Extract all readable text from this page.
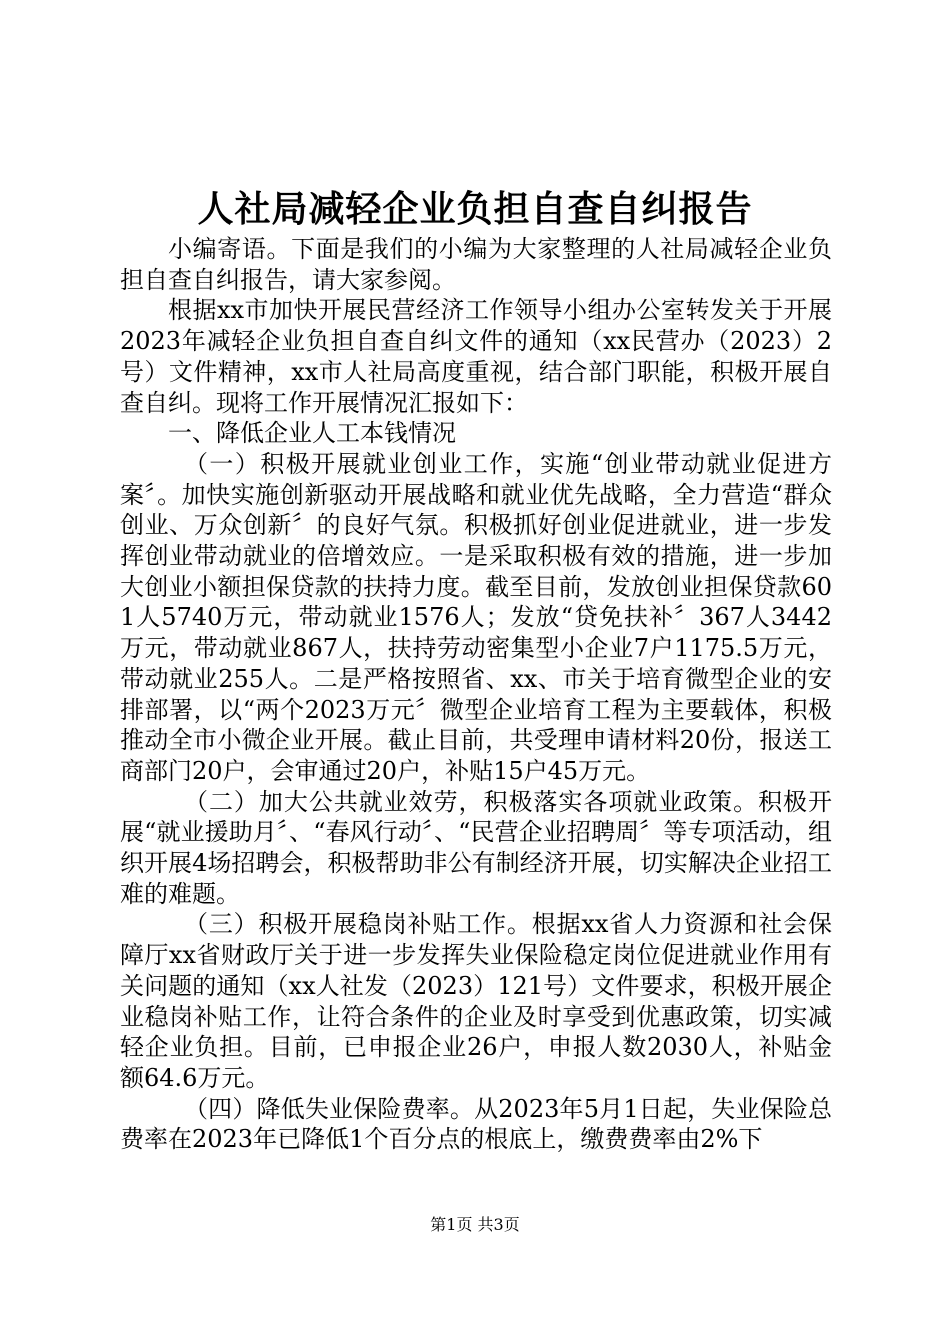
人社局减轻企业负担自查自纠报告

小编寄语。下面是我们的小编为大家整理的人社局减轻企业负担自查自纠报告，请大家参阅。

根据xx市加快开展民营经济工作领导小组办公室转发关于开展2023年减轻企业负担自查自纠文件的通知（xx民营办（2023）2号）文件精神，xx市人社局高度重视，结合部门职能，积极开展自查自纠。现将工作开展情况汇报如下：

一、降低企业人工本钱情况

（一）积极开展就业创业工作，实施“创业带动就业促进方案〞。加快实施创新驱动开展战略和就业优先战略，全力营造“群众创业、万众创新〞的良好气氛。积极抓好创业促进就业，进一步发挥创业带动就业的倍增效应。一是采取积极有效的措施，进一步加大创业小额担保贷款的扶持力度。截至目前，发放创业担保贷款601人5740万元，带动就业1576人；发放“贷免扶补〞367人3442万元，带动就业867人，扶持劳动密集型小企业7户1175.5万元，带动就业255人。二是严格按照省、xx、市关于培育微型企业的安排部署，以“两个2023万元〞微型企业培育工程为主要载体，积极推动全市小微企业开展。截止目前，共受理申请材料20份，报送工商部门20户，会审通过20户，补贴15户45万元。

（二）加大公共就业效劳，积极落实各项就业政策。积极开展“就业援助月〞、“春风行动〞、“民营企业招聘周〞等专项活动，组织开展4场招聘会，积极帮助非公有制经济开展，切实解决企业招工难的难题。

（三）积极开展稳岗补贴工作。根据xx省人力资源和社会保障厅xx省财政厅关于进一步发挥失业保险稳定岗位促进就业作用有关问题的通知（xx人社发（2023）121号）文件要求，积极开展企业稳岗补贴工作，让符合条件的企业及时享受到优惠政策，切实减轻企业负担。目前，已申报企业26户，申报人数2030人，补贴金额64.6万元。

（四）降低失业保险费率。从2023年5月1日起，失业保险总费率在2023年已降低1个百分点的根底上，缴费费率由2%下

第1页 共3页
